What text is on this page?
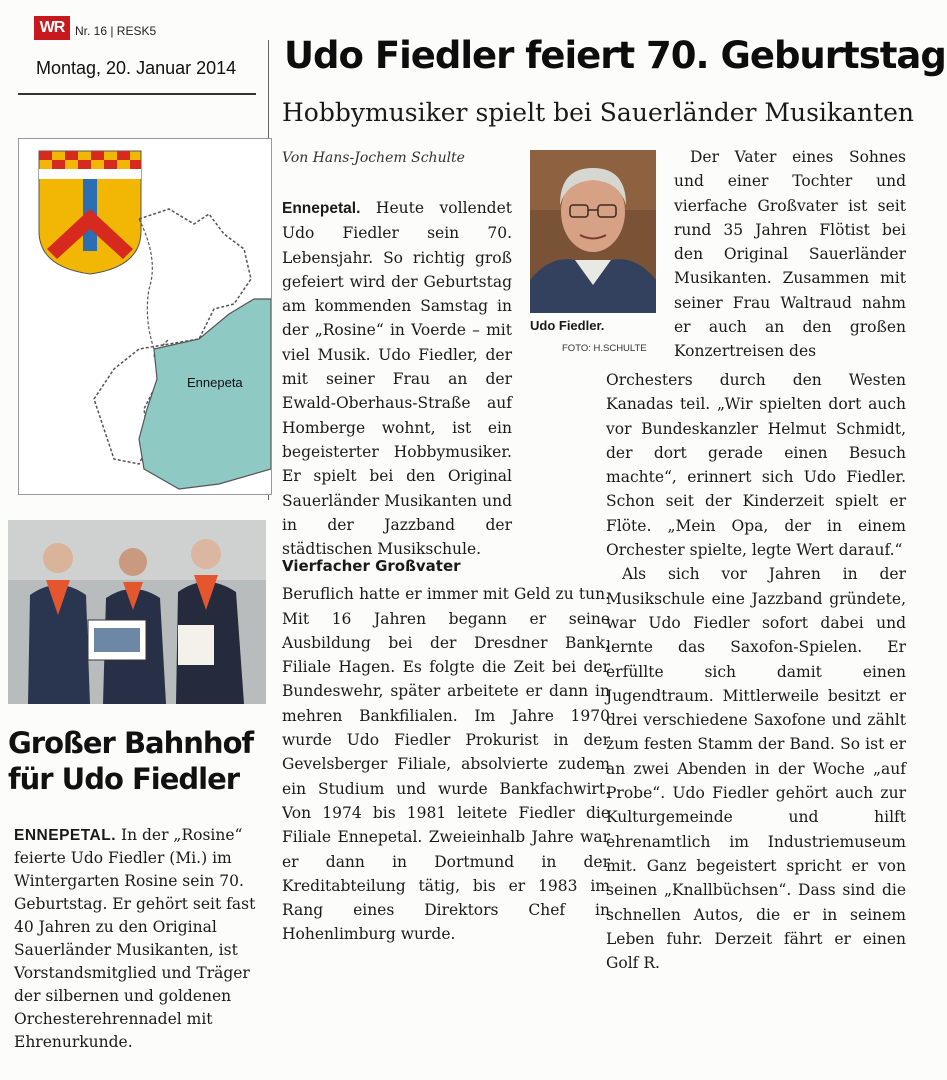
WR Nr. 16 | RESK5
Montag, 20. Januar 2014
Ennepeta
Großer Bahnhof
für Udo Fiedler
ENNEPETAL. In der „Rosine“ feierte Udo Fiedler (Mi.) im Wintergarten Rosine sein 70. Geburtstag. Er gehört seit fast 40 Jahren zu den Original Sauerländer Musikanten, ist Vorstandsmitglied und Träger der silbernen und goldenen Orchesterehrennadel mit Ehrenurkunde.
Udo Fiedler feiert 70. Geburtstag
Hobbymusiker spielt bei Sauerländer Musikanten
Von Hans-Jochem Schulte

Ennepetal. Heute vollendet Udo Fiedler sein 70. Lebensjahr. So richtig groß gefeiert wird der Geburtstag am kommenden Samstag in der „Rosine“ in Voerde – mit viel Musik. Udo Fiedler, der mit seiner Frau an der Ewald-Oberhaus-Straße auf Homberge wohnt, ist ein begeisterter Hobbymusiker. Er spielt bei den Original Sauerländer Musikanten und in der Jazzband der städtischen Musikschule.

Vierfacher Großvater

Beruflich hatte er immer mit Geld zu tun. Mit 16 Jahren begann er seine Ausbildung bei der Dresdner Bank, Filiale Hagen. Es folgte die Zeit bei der Bundeswehr, später arbeitete er dann in mehren Bankfilialen. Im Jahre 1970 wurde Udo Fiedler Prokurist in der Gevelsberger Filiale, absolvierte zudem ein Studium und wurde Bankfachwirt. Von 1974 bis 1981 leitete Fiedler die Filiale Ennepetal. Zweieinhalb Jahre war er dann in Dortmund in der Kreditabteilung tätig, bis er 1983 im Rang eines Direktors Chef in Hohenlimburg wurde.

Udo Fiedler.
FOTO: H.SCHULTE

Der Vater eines Sohnes und einer Tochter und vierfache Großvater ist seit rund 35 Jahren Flötist bei den Original Sauerländer Musikanten. Zusammen mit seiner Frau Waltraud nahm er auch an den großen Konzertreisen des

Orchesters durch den Westen Kanadas teil. „Wir spielten dort auch vor Bundeskanzler Helmut Schmidt, der dort gerade einen Besuch machte“, erinnert sich Udo Fiedler. Schon seit der Kinderzeit spielt er Flöte. „Mein Opa, der in einem Orchester spielte, legte Wert darauf.“

Als sich vor Jahren in der Musikschule eine Jazzband gründete, war Udo Fiedler sofort dabei und lernte das Saxofon-Spielen. Er erfüllte sich damit einen Jugendtraum. Mittlerweile besitzt er drei verschiedene Saxofone und zählt zum festen Stamm der Band. So ist er an zwei Abenden in der Woche „auf Probe“. Udo Fiedler gehört auch zur Kulturgemeinde und hilft ehrenamtlich im Industriemuseum mit. Ganz begeistert spricht er von seinen „Knallbüchsen“. Dass sind die schnellen Autos, die er in seinem Leben fuhr. Derzeit fährt er einen Golf R.
